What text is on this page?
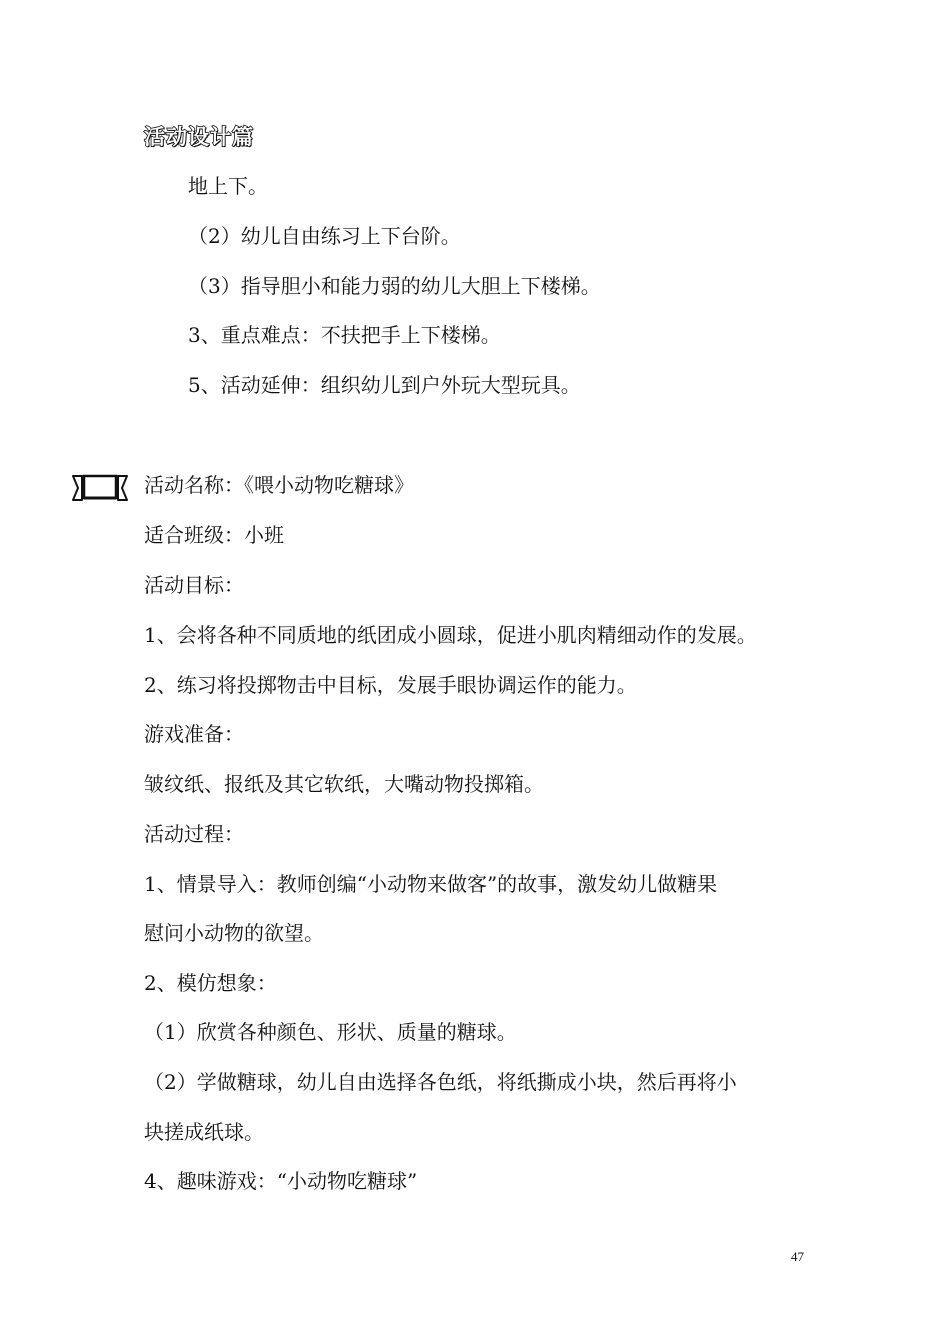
活动设计篇
地上下。
（2）幼儿自由练习上下台阶。
（3）指导胆小和能力弱的幼儿大胆上下楼梯。
3、重点难点：不扶把手上下楼梯。
5、活动延伸：组织幼儿到户外玩大型玩具。
活动名称：《喂小动物吃糖球》
适合班级：小班
活动目标：
1、会将各种不同质地的纸团成小圆球，促进小肌肉精细动作的发展。
2、练习将投掷物击中目标，发展手眼协调运作的能力。
游戏准备：
皱纹纸、报纸及其它软纸，大嘴动物投掷箱。
活动过程：
1、情景导入：教师创编“小动物来做客”的故事，激发幼儿做糖果
慰问小动物的欲望。
2、模仿想象：
（1）欣赏各种颜色、形状、质量的糖球。
（2）学做糖球，幼儿自由选择各色纸，将纸撕成小块，然后再将小
块搓成纸球。
4、趣味游戏：“小动物吃糖球”
47
